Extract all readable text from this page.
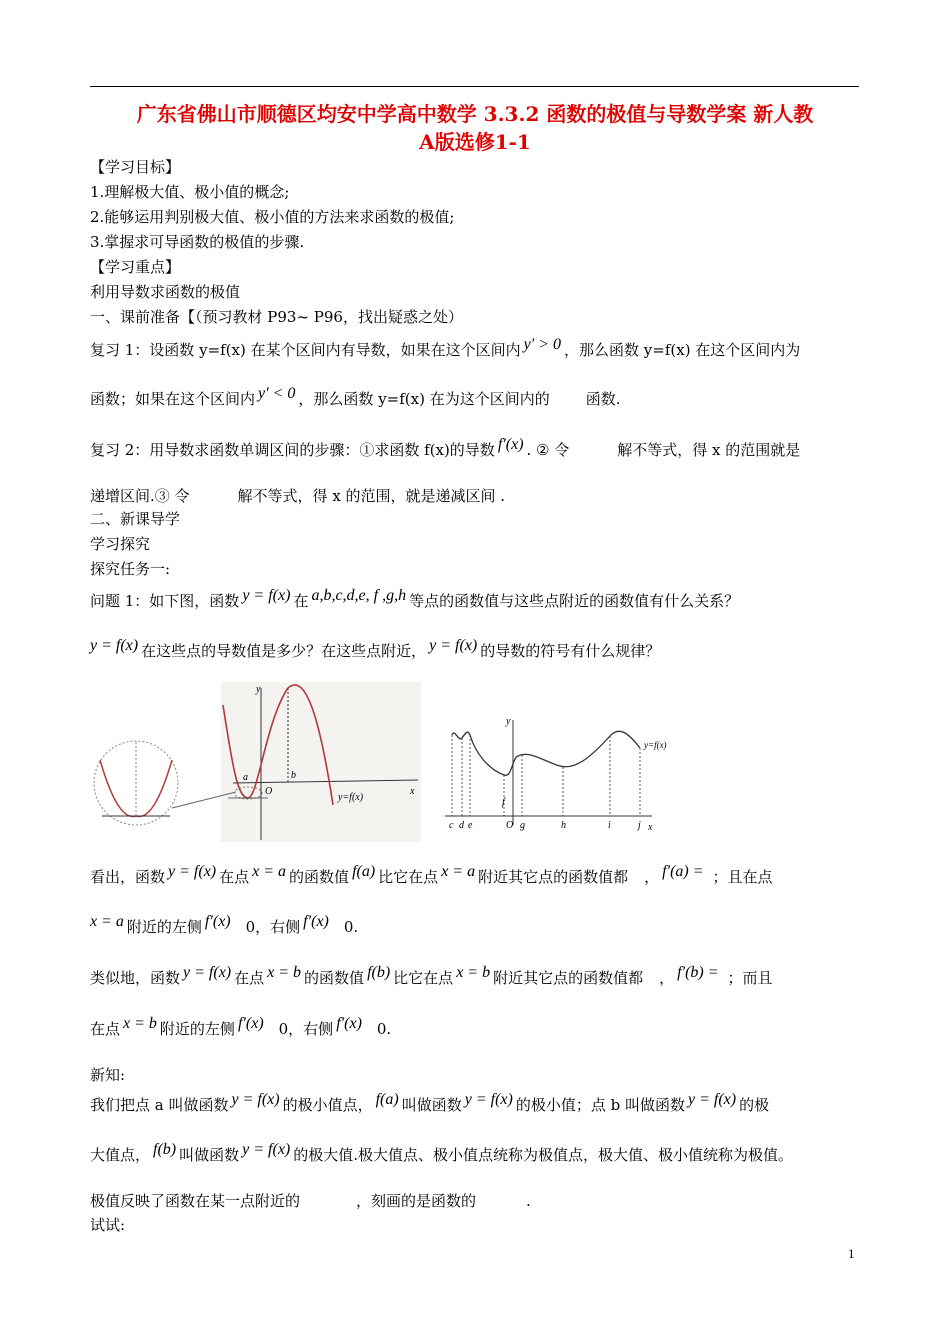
广东省佛山市顺德区均安中学高中数学 3.3.2 函数的极值与导数学案 新人教
A版选修1-1
【学习目标】
1.理解极大值、极小值的概念;
2.能够运用判别极大值、极小值的方法来求函数的极值;
3.掌握求可导函数的极值的步骤.
【学习重点】
利用导数求函数的极值
一、课前准备【（预习教材 P93~ P96，找出疑惑之处）
复习 1：设函数 y=f(x) 在某个区间内有导数，如果在这个区间内 y′ > 0 ，那么函数 y=f(x) 在这个区间内为
函数；如果在这个区间内 y′ < 0 ，那么函数 y=f(x) 在为这个区间内的 函数.
复习 2：用导数求函数单调区间的步骤：①求函数 f(x)的导数 f′(x) . ② 令	解不等式，得 x 的范围就是
递增区间.③ 令	解不等式，得 x 的范围，就是递减区间 .
二、新课导学
学习探究
探究任务一:
问题 1：如下图，函数 y = f(x) 在 a,b,c,d,e, f ,g,h 等点的函数值与这些点附近的函数值有什么关系？
y = f(x) 在这些点的导数值是多少？在这些点附近， y = f(x) 的导数的符号有什么规律？
y
x
a	b
O
y=f(x)
y
x
y=f(x)
c d e
f
O g	h	i	j
看出，函数 y = f(x) 在点 x = a 的函数值 f(a) 比它在点 x = a 附近其它点的函数值都 ， f′(a) = ；且在点
x = a 附近的左侧 f′(x) 0，右侧 f′(x) 0.
类似地，函数 y = f(x) 在点 x = b 的函数值 f(b) 比它在点 x = b 附近其它点的函数值都 ， f′(b) = ；而且
在点 x = b 附近的左侧 f′(x) 0，右侧 f′(x) 0.
新知:
我们把点 a 叫做函数 y = f(x) 的极小值点， f(a) 叫做函数 y = f(x) 的极小值；点 b 叫做函数 y = f(x) 的极
大值点， f(b) 叫做函数 y = f(x) 的极大值.极大值点、极小值点统称为极值点，极大值、极小值统称为极值。
极值反映了函数在某一点附近的	，刻画的是函数的	.
试试:
1
